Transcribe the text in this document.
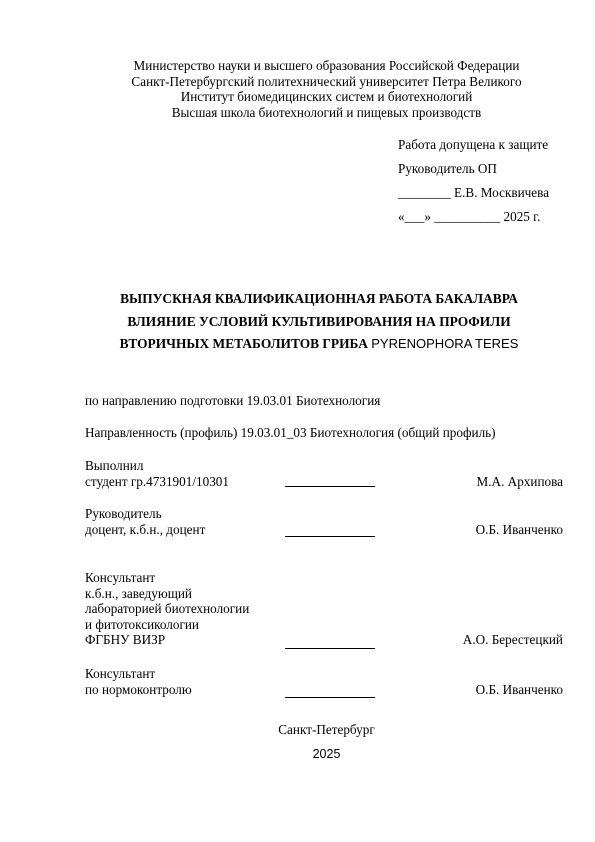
Министерство науки и высшего образования Российской Федерации
Санкт-Петербургский политехнический университет Петра Великого
Институт биомедицинских систем и биотехнологий
Высшая школа биотехнологий и пищевых производств
Работа допущена к защите
Руководитель ОП
________ Е.В. Москвичева
«___» __________ 2025 г.
ВЫПУСКНАЯ КВАЛИФИКАЦИОННАЯ РАБОТА БАКАЛАВРА
ВЛИЯНИЕ УСЛОВИЙ КУЛЬТИВИРОВАНИЯ НА ПРОФИЛИ
ВТОРИЧНЫХ МЕТАБОЛИТОВ ГРИБА PYRENOPHORA TERES
по направлению подготовки 19.03.01 Биотехнология
Направленность (профиль) 19.03.01_03 Биотехнология (общий профиль)
Выполнил
студент гр.4731901/10301	М.А. Архипова
Руководитель
доцент, к.б.н., доцент	О.Б. Иванченко
Консультант
к.б.н., заведующий
лабораторией биотехнологии
и фитотоксикологии
ФГБНУ ВИЗР	А.О. Берестецкий
Консультант
по нормоконтролю	О.Б. Иванченко
Санкт-Петербург
2025
